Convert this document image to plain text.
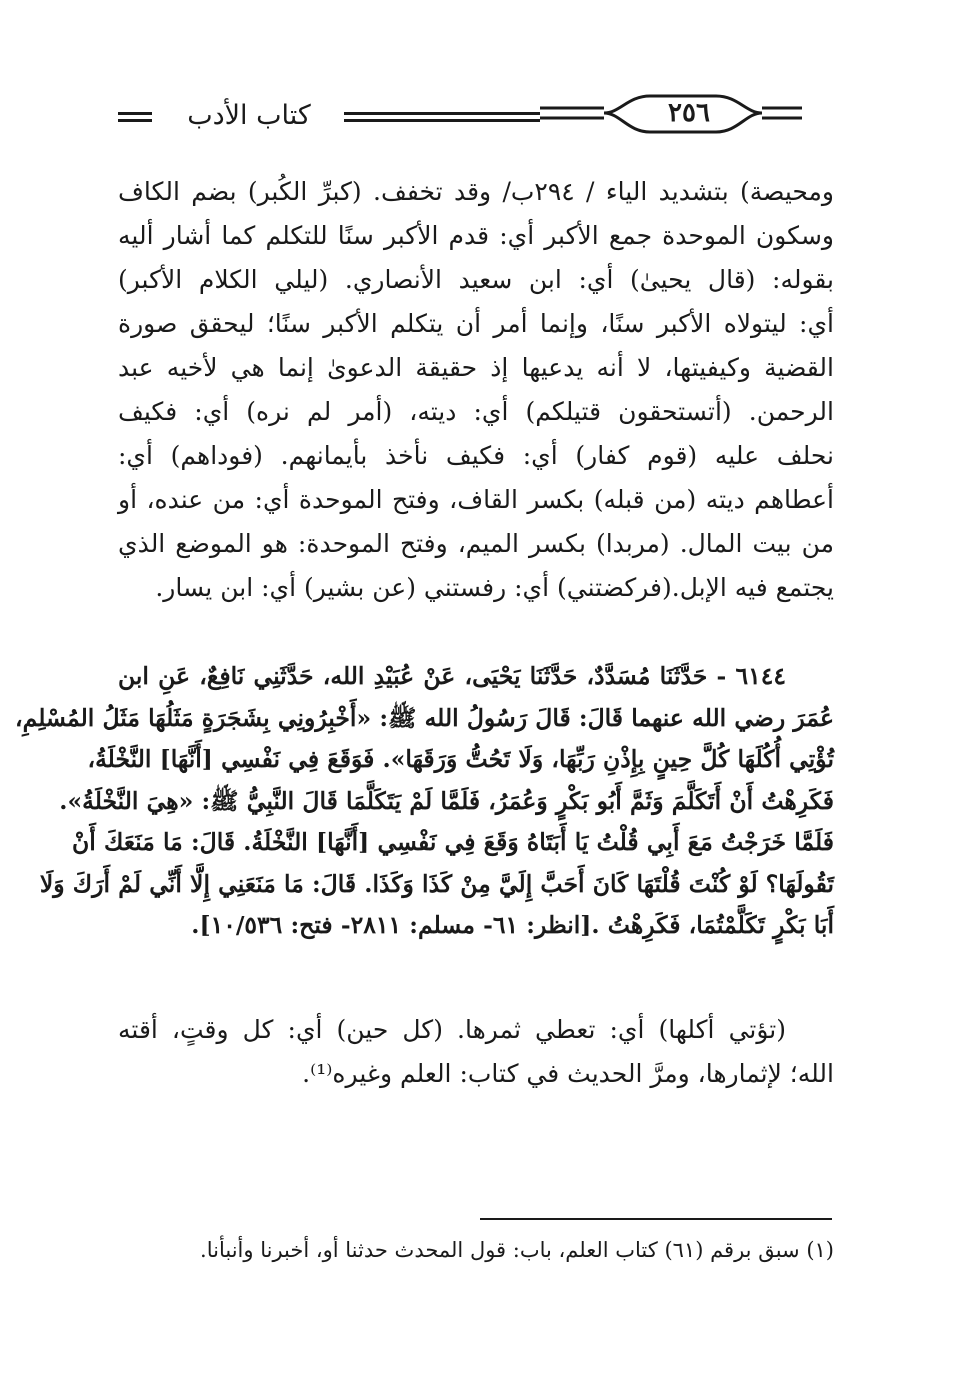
كتاب الأدب	٢٥٦
ومحيصة) بتشديد الياء / ٢٩٤ب/ وقد تخفف. (كبرِّ الكُبر) بضم الكاف
وسكون الموحدة جمع الأكبر أي: قدم الأكبر سنًا للتكلم كما أشار أليه
بقوله: (قال يحيىٰ) أي: ابن سعيد الأنصاري. (ليلي الكلام الأكبر)
أي: ليتولاه الأكبر سنًا، وإنما أمر أن يتكلم الأكبر سنًا؛ ليحقق صورة
القضية وكيفيتها، لا أنه يدعيها إذ حقيقة الدعوىٰ إنما هي لأخيه عبد
الرحمن. (أتستحقون قتيلكم) أي: ديته، (أمر لم نره) أي: فكيف
نحلف عليه (قوم كفار) أي: فكيف نأخذ بأيمانهم. (فوداهم) أي:
أعطاهم ديته (من قبله) بكسر القاف، وفتح الموحدة أي: من عنده، أو
من بيت المال. (مربدا) بكسر الميم، وفتح الموحدة: هو الموضع الذي
يجتمع فيه الإبل.(فركضتني) أي: رفستني (عن بشير) أي: ابن يسار.
٦١٤٤ - حَدَّثَنَا مُسَدَّدٌ، حَدَّثَنَا يَحْيَى، عَنْ عُبَيْدِ الله، حَدَّثَنِي نَافِعٌ، عَنِ ابن
عُمَرَ رضي الله عنهما قَالَ: قَالَ رَسُولُ الله ﷺ: «أَخْبِرُونِي بِشَجَرَةٍ مَثَلُهَا مَثَلُ المُسْلِمِ،
تُؤْتِي أُكُلَهَا كُلَّ حِينٍ بِإِذْنِ رَبِّهَا، وَلَا تَحُتُّ وَرَقَهَا». فَوَقَعَ فِي نَفْسِي [أَنَّهَا] النَّخْلَةُ،
فَكَرِهْتُ أَنْ أَتَكَلَّمَ وَثَمَّ أَبُو بَكْرٍ وَعُمَرُ، فَلَمَّا لَمْ يَتَكَلَّمَا قَالَ النَّبِيُّ ﷺ: «هِيَ النَّخْلَةُ».
فَلَمَّا خَرَجْتُ مَعَ أَبِي قُلْتُ يَا أَبَتَاهُ وَقَعَ فِي نَفْسِي [أَنَّهَا] النَّخْلَةُ. قَالَ: مَا مَنَعَكَ أَنْ
تَقُولَهَا؟ لَوْ كُنْتَ قُلْتَهَا كَانَ أَحَبَّ إِلَيَّ مِنْ كَذَا وَكَذَا. قَالَ: مَا مَنَعَنِي إِلَّا أَنِّي لَمْ أَرَكَ وَلَا
أَبَا بَكْرٍ تَكَلَّمْتُمَا، فَكَرِهْتُ .[انظر: ٦١- مسلم: ٢٨١١- فتح: ١٠/٥٣٦].
(تؤتي أكلها) أي: تعطي ثمرها. (كل حين) أي: كل وقتٍ، أقته
الله؛ لإثمارها، ومرَّ الحديث في كتاب: العلم وغيره⁽¹⁾.
(١) سبق برقم (٦١) كتاب العلم، باب: قول المحدث حدثنا أو، أخبرنا وأنبأنا.
